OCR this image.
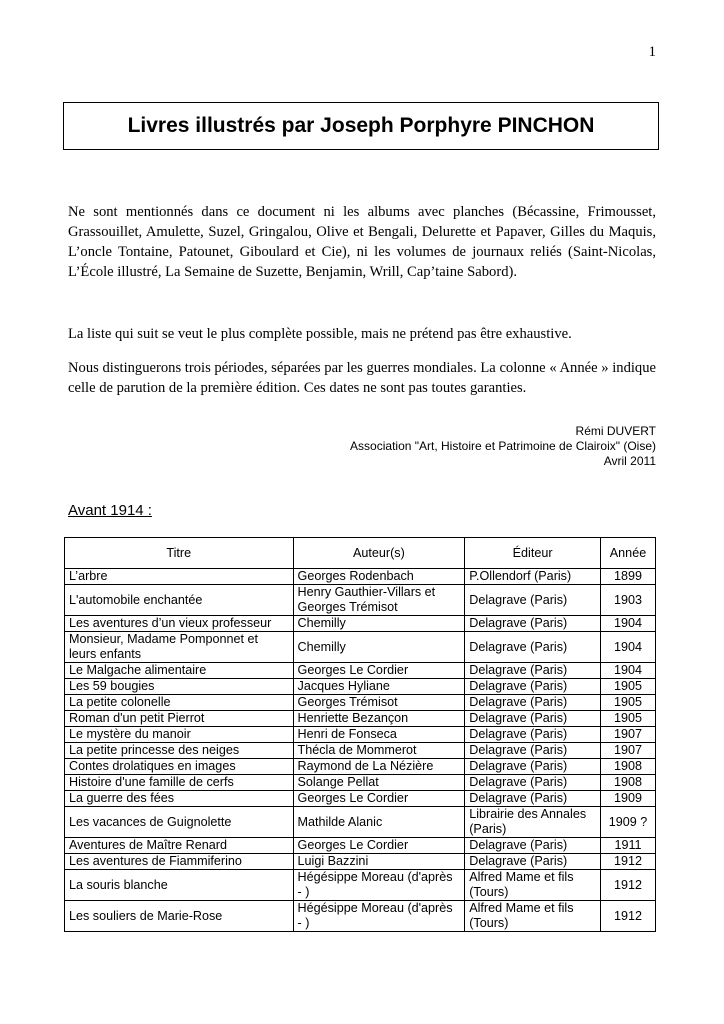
1
Livres illustrés par Joseph Porphyre PINCHON

Ne sont mentionnés dans ce document ni les albums avec planches (Bécassine, Frimousset, Grassouillet, Amulette, Suzel, Gringalou, Olive et Bengali, Delurette et Papaver, Gilles du Maquis, L’oncle Tontaine, Patounet, Giboulard et Cie), ni les volumes de journaux reliés (Saint-Nicolas, L’École illustré, La Semaine de Suzette, Benjamin, Wrill, Cap’taine Sabord).

La liste qui suit se veut le plus complète possible, mais ne prétend pas être exhaustive.

Nous distinguerons trois périodes, séparées par les guerres mondiales. La colonne « Année » indique celle de parution de la première édition. Ces dates ne sont pas toutes garanties.

Rémi DUVERT
Association "Art, Histoire et Patrimoine de Clairoix" (Oise)
Avril 2011
Avant 1914 :
Titre	Auteur(s)	Éditeur	Année
L’arbre	Georges Rodenbach	P.Ollendorf (Paris)	1899
L'automobile enchantée	Henry Gauthier-Villars et Georges Trémisot	Delagrave (Paris)	1903
Les aventures d’un vieux professeur	Chemilly	Delagrave (Paris)	1904
Monsieur, Madame Pomponnet et leurs enfants	Chemilly	Delagrave (Paris)	1904
Le Malgache alimentaire	Georges Le Cordier	Delagrave (Paris)	1904
Les 59 bougies	Jacques Hyliane	Delagrave (Paris)	1905
La petite colonelle	Georges Trémisot	Delagrave (Paris)	1905
Roman d'un petit Pierrot	Henriette Bezançon	Delagrave (Paris)	1905
Le mystère du manoir	Henri de Fonseca	Delagrave (Paris)	1907
La petite princesse des neiges	Thécla de Mommerot	Delagrave (Paris)	1907
Contes drolatiques en images	Raymond de La Nézière	Delagrave (Paris)	1908
Histoire d'une famille de cerfs	Solange Pellat	Delagrave (Paris)	1908
La guerre des fées	Georges Le Cordier	Delagrave (Paris)	1909
Les vacances de Guignolette	Mathilde Alanic	Librairie des Annales (Paris)	1909 ?
Aventures de Maître Renard	Georges Le Cordier	Delagrave (Paris)	1911
Les aventures de Fiammiferino	Luigi Bazzini	Delagrave (Paris)	1912
La souris blanche	Hégésippe Moreau (d'après - )	Alfred Mame et fils (Tours)	1912
Les souliers de Marie-Rose	Hégésippe Moreau (d'après - )	Alfred Mame et fils (Tours)	1912
